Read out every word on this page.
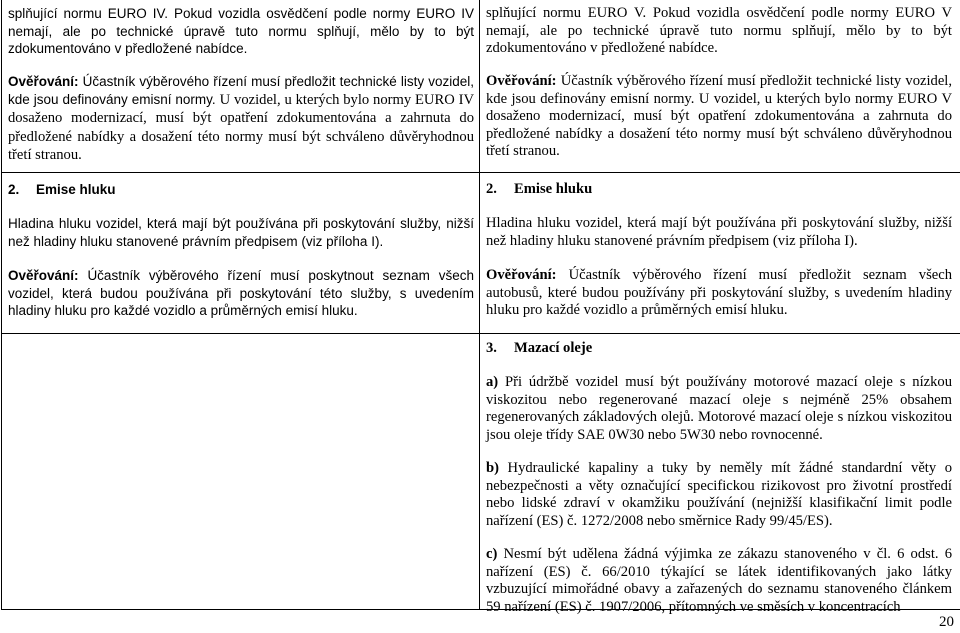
splňující normu EURO IV. Pokud vozidla osvědčení podle normy EURO IV nemají, ale po technické úpravě tuto normu splňují, mělo by to být zdokumentováno v předložené nabídce.

Ověřování: Účastník výběrového řízení musí předložit technické listy vozidel, kde jsou definovány emisní normy. U vozidel, u kterých bylo normy EURO IV dosaženo modernizací, musí být opatření zdokumentována a zahrnuta do předložené nabídky a dosažení této normy musí být schváleno důvěryhodnou třetí stranou.

2. Emise hluku

Hladina hluku vozidel, která mají být používána při poskytování služby, nižší než hladiny hluku stanovené právním předpisem (viz příloha I).

Ověřování: Účastník výběrového řízení musí poskytnout seznam všech vozidel, která budou používána při poskytování této služby, s uvedením hladiny hluku pro každé vozidlo a průměrných emisí hluku.

splňující normu EURO V. Pokud vozidla osvědčení podle normy EURO V nemají, ale po technické úpravě tuto normu splňují, mělo by to být zdokumentováno v předložené nabídce.

Ověřování: Účastník výběrového řízení musí předložit technické listy vozidel, kde jsou definovány emisní normy. U vozidel, u kterých bylo normy EURO V dosaženo modernizací, musí být opatření zdokumentována a zahrnuta do předložené nabídky a dosažení této normy musí být schváleno důvěryhodnou třetí stranou.

2. Emise hluku

Hladina hluku vozidel, která mají být používána při poskytování služby, nižší než hladiny hluku stanovené právním předpisem (viz příloha I).

Ověřování: Účastník výběrového řízení musí předložit seznam všech autobusů, které budou používány při poskytování služby, s uvedením hladiny hluku pro každé vozidlo a průměrných emisí hluku.

3. Mazací oleje

a) Při údržbě vozidel musí být používány motorové mazací oleje s nízkou viskozitou nebo regenerované mazací oleje s nejméně 25% obsahem regenerovaných základových olejů. Motorové mazací oleje s nízkou viskozitou jsou oleje třídy SAE 0W30 nebo 5W30 nebo rovnocenné.

b) Hydraulické kapaliny a tuky by neměly mít žádné standardní věty o nebezpečnosti a věty označující specifickou rizikovost pro životní prostředí nebo lidské zdraví v okamžiku používání (nejnižší klasifikační limit podle nařízení (ES) č. 1272/2008 nebo směrnice Rady 99/45/ES).

c) Nesmí být udělena žádná výjimka ze zákazu stanoveného v čl. 6 odst. 6 nařízení (ES) č. 66/2010 týkající se látek identifikovaných jako látky vzbuzující mimořádné obavy a zařazených do seznamu stanoveného článkem 59 nařízení (ES) č. 1907/2006, přítomných ve směsích v koncentracích

20
